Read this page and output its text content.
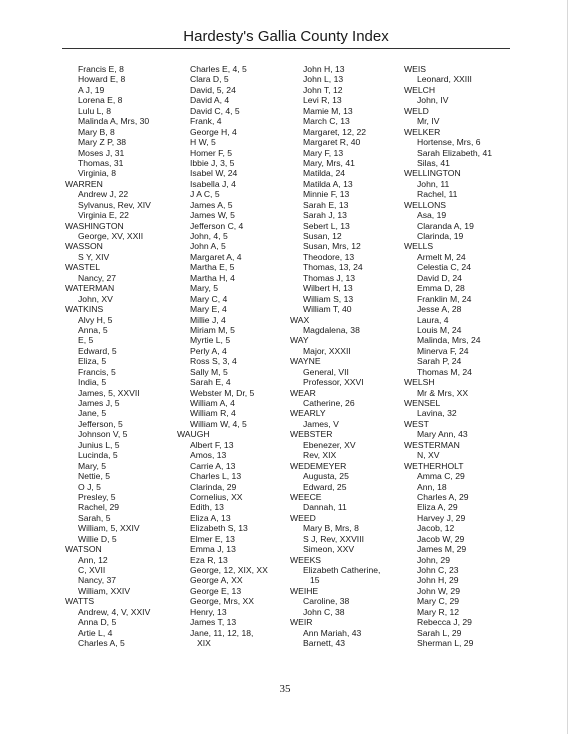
Hardesty's Gallia County Index
Francis E, 8
Howard E, 8
A J, 19
Lorena E, 8
Lulu L, 8
Malinda A, Mrs, 30
Mary B, 8
Mary Z P, 38
Moses J, 31
Thomas, 31
Virginia, 8
WARREN
Andrew J, 22
Sylvanus, Rev, XIV
Virginia E, 22
WASHINGTON
George, XV, XXII
WASSON
S Y, XIV
WASTEL
Nancy, 27
WATERMAN
John, XV
WATKINS
Alvy H, 5
Anna, 5
E, 5
Edward, 5
Eliza, 5
Francis, 5
India, 5
James, 5, XXVII
James J, 5
Jane, 5
Jefferson, 5
Johnson V, 5
Junius L, 5
Lucinda, 5
Mary, 5
Nettie, 5
O J, 5
Presley, 5
Rachel, 29
Sarah, 5
William, 5, XXIV
Willie D, 5
WATSON
Ann, 12
C, XVII
Nancy, 37
William, XXIV
WATTS
Andrew, 4, V, XXIV
Anna D, 5
Artie L, 4
Charles A, 5
Charles E, 4, 5
Clara D, 5
David, 5, 24
David A, 4
David C, 4, 5
Frank, 4
George H, 4
H W, 5
Homer F, 5
Ibbie J, 3, 5
Isabel W, 24
Isabella J, 4
J A C, 5
James A, 5
James W, 5
Jefferson C, 4
John, 4, 5
John A, 5
Margaret A, 4
Martha E, 5
Martha H, 4
Mary, 5
Mary C, 4
Mary E, 4
Millie J, 4
Miriam M, 5
Myrtie L, 5
Perly A, 4
Ross S, 3, 4
Sally M, 5
Sarah E, 4
Webster M, Dr, 5
William A, 4
William R, 4
William W, 4, 5
WAUGH
Albert F, 13
Amos, 13
Carrie A, 13
Charles L, 13
Clarinda, 29
Cornelius, XX
Edith, 13
Eliza A, 13
Elizabeth S, 13
Elmer E, 13
Emma J, 13
Eza R, 13
George, 12, XIX, XX
George A, XX
George E, 13
George, Mrs, XX
Henry, 13
James T, 13
Jane, 11, 12, 18,
XIX
John H, 13
John L, 13
John T, 12
Levi R, 13
Mamie M, 13
March C, 13
Margaret, 12, 22
Margaret R, 40
Mary F, 13
Mary, Mrs, 41
Matilda, 24
Matilda A, 13
Minnie F, 13
Sarah E, 13
Sarah J, 13
Sebert L, 13
Susan, 12
Susan, Mrs, 12
Theodore, 13
Thomas, 13, 24
Thomas J, 13
Wilbert H, 13
William S, 13
William T, 40
WAX
Magdalena, 38
WAY
Major, XXXII
WAYNE
General, VII
Professor, XXVI
WEAR
Catherine, 26
WEARLY
James, V
WEBSTER
Ebenezer, XV
Rev, XIX
WEDEMEYER
Augusta, 25
Edward, 25
WEECE
Dannah, 11
WEED
Mary B, Mrs, 8
S J, Rev, XXVIII
Simeon, XXV
WEEKS
Elizabeth Catherine,
15
WEIHE
Caroline, 38
John C, 38
WEIR
Ann Mariah, 43
Barnett, 43
WEIS
Leonard, XXIII
WELCH
John, IV
WELD
Mr, IV
WELKER
Hortense, Mrs, 6
Sarah Elizabeth, 41
Silas, 41
WELLINGTON
John, 11
Rachel, 11
WELLONS
Asa, 19
Claranda A, 19
Clarinda, 19
WELLS
Armelt M, 24
Celestia C, 24
David D, 24
Emma D, 28
Franklin M, 24
Jesse A, 28
Laura, 4
Louis M, 24
Malinda, Mrs, 24
Minerva F, 24
Sarah P, 24
Thomas M, 24
WELSH
Mr & Mrs, XX
WENSEL
Lavina, 32
WEST
Mary Ann, 43
WESTERMAN
N, XV
WETHERHOLT
Amma C, 29
Ann, 18
Charles A, 29
Eliza A, 29
Harvey J, 29
Jacob, 12
Jacob W, 29
James M, 29
John, 29
John C, 23
John H, 29
John W, 29
Mary C, 29
Mary R, 12
Rebecca J, 29
Sarah L, 29
Sherman L, 29
35
